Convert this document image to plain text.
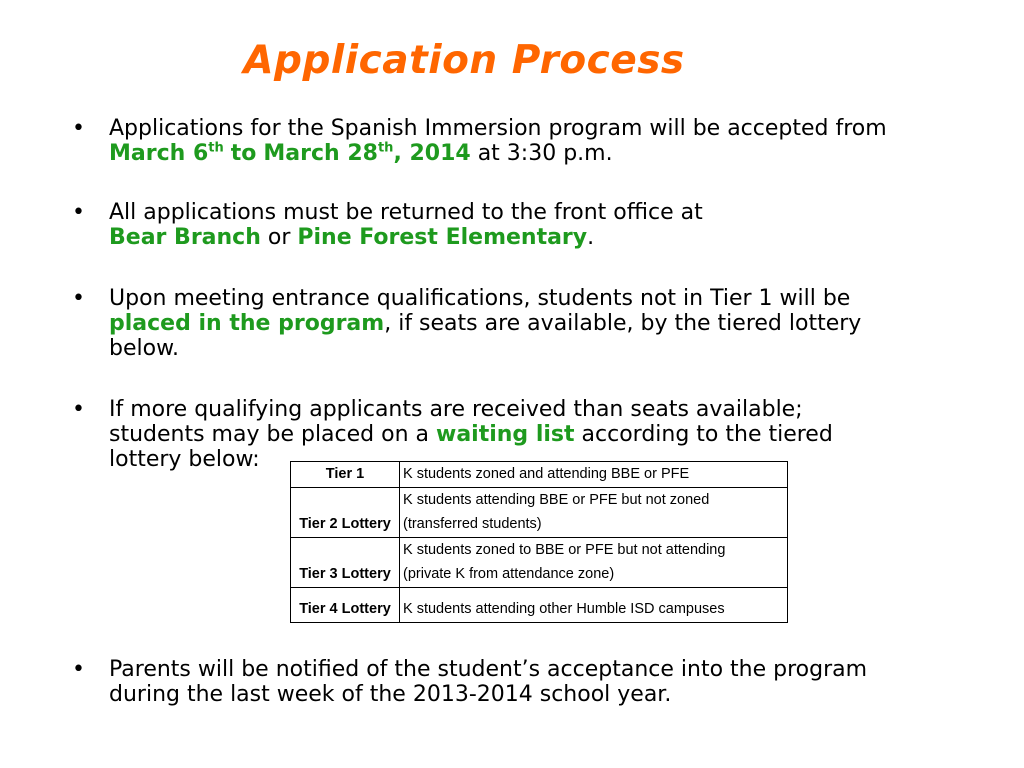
Application Process
• Applications for the Spanish Immersion program will be accepted from March 6th to March 28th, 2014 at 3:30 p.m.
• All applications must be returned to the front office at
Bear Branch or Pine Forest Elementary.
• Upon meeting entrance qualifications, students not in Tier 1 will be placed in the program, if seats are available, by the tiered lottery below.
• If more qualifying applicants are received than seats available; students may be placed on a waiting list according to the tiered lottery below:
Tier 1	K students zoned and attending BBE or PFE
Tier 2 Lottery	K students attending BBE or PFE but not zoned
(transferred students)
Tier 3 Lottery	K students zoned to BBE or PFE but not attending
(private K from attendance zone)
Tier 4 Lottery	K students attending other Humble ISD campuses
• Parents will be notified of the student’s acceptance into the program during the last week of the 2013-2014 school year.
